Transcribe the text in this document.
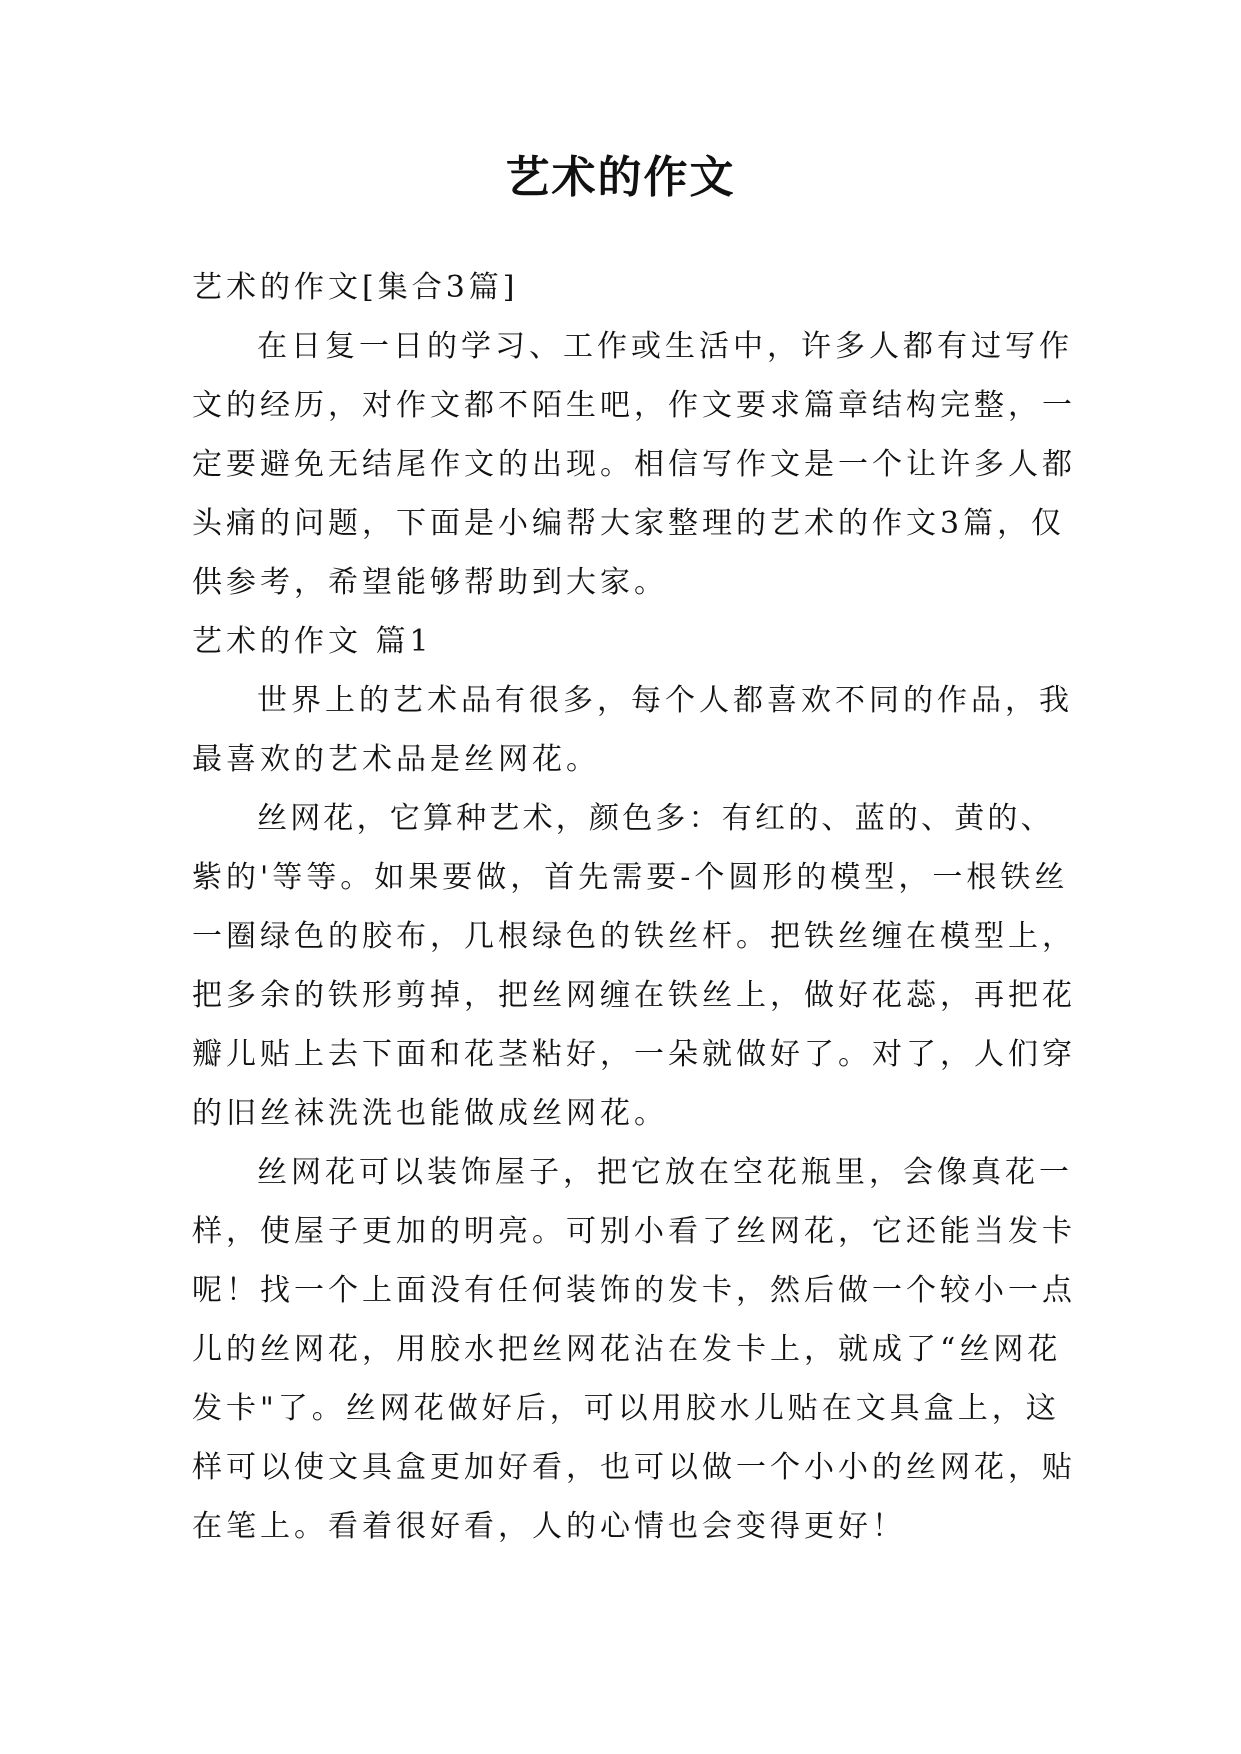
艺术的作文
艺术的作文[集合3篇]
在日复一日的学习、工作或生活中，许多人都有过写作
文的经历，对作文都不陌生吧，作文要求篇章结构完整，一
定要避免无结尾作文的出现。相信写作文是一个让许多人都
头痛的问题，下面是小编帮大家整理的艺术的作文3篇，仅
供参考，希望能够帮助到大家。
艺术的作文 篇1
世界上的艺术品有很多，每个人都喜欢不同的作品，我
最喜欢的艺术品是丝网花。
丝网花，它算种艺术，颜色多：有红的、蓝的、黄的、
紫的'等等。如果要做，首先需要-个圆形的模型，一根铁丝
一圈绿色的胶布，几根绿色的铁丝杆。把铁丝缠在模型上，
把多余的铁形剪掉，把丝网缠在铁丝上，做好花蕊，再把花
瓣儿贴上去下面和花茎粘好，一朵就做好了。对了，人们穿
的旧丝袜洗洗也能做成丝网花。
丝网花可以装饰屋子，把它放在空花瓶里，会像真花一
样，使屋子更加的明亮。可别小看了丝网花，它还能当发卡
呢！找一个上面没有任何装饰的发卡，然后做一个较小一点
儿的丝网花，用胶水把丝网花沾在发卡上，就成了“丝网花
发卡"了。丝网花做好后，可以用胶水儿贴在文具盒上，这
样可以使文具盒更加好看，也可以做一个小小的丝网花，贴
在笔上。看着很好看，人的心情也会变得更好！
